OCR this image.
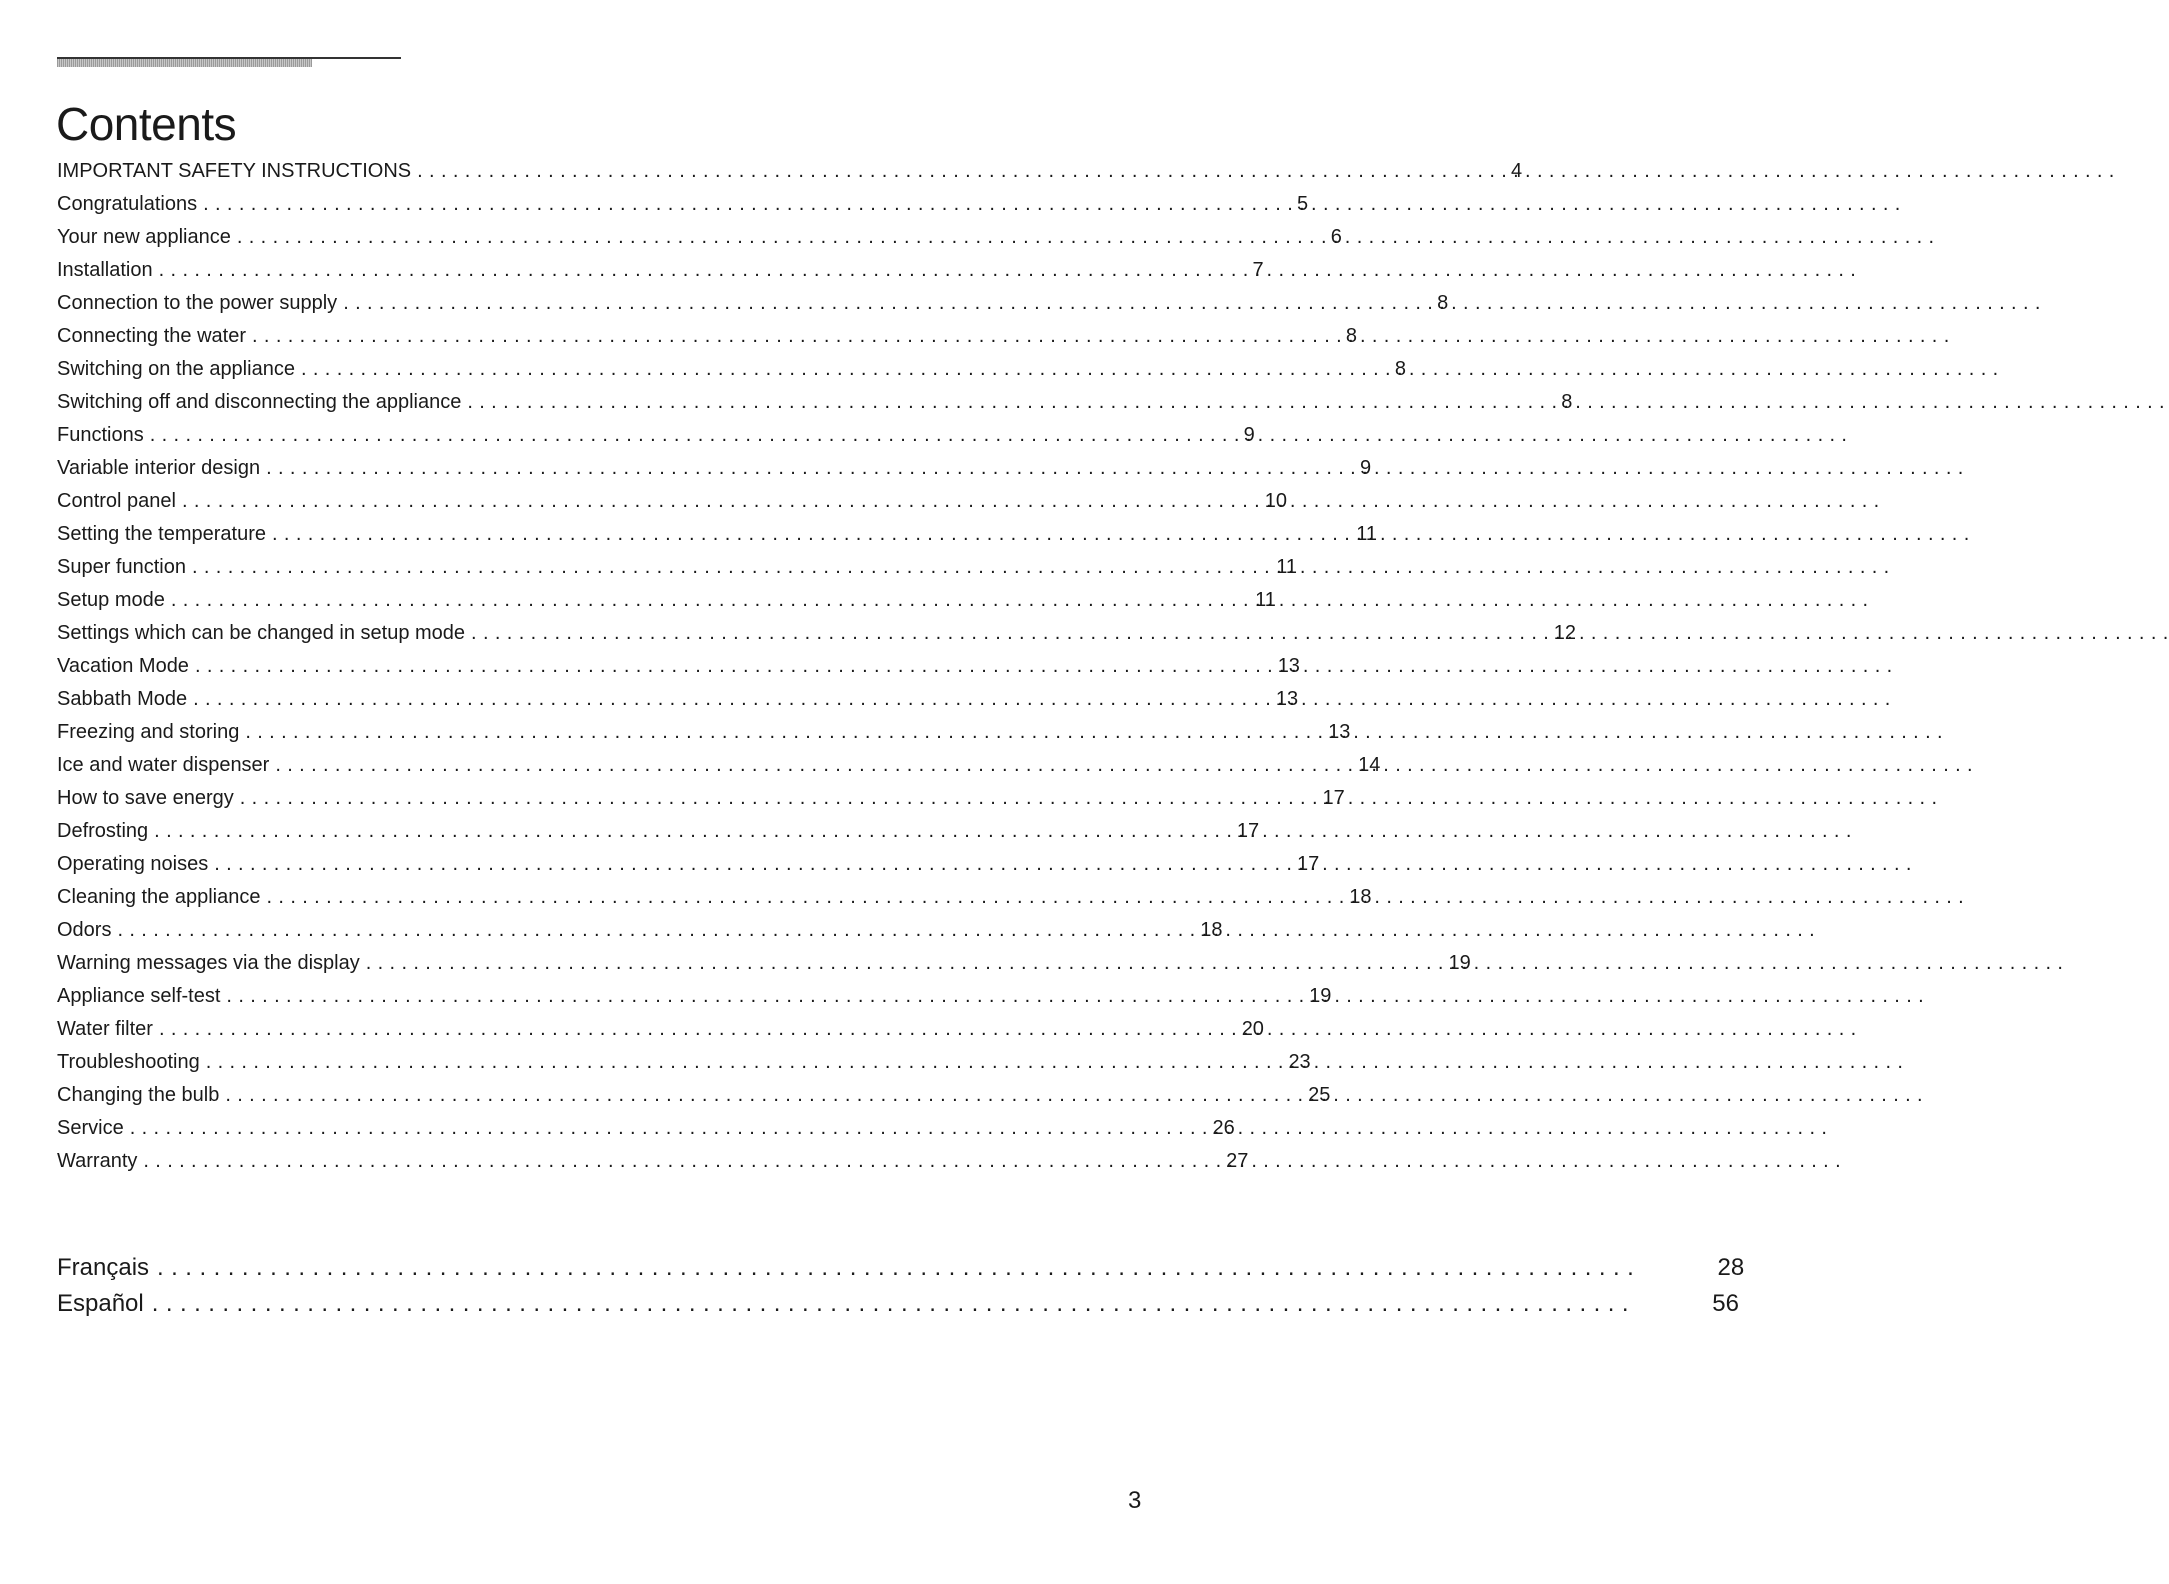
Contents
IMPORTANT SAFETY INSTRUCTIONS . . .	4
Congratulations . . .	5
Your new appliance . . .	6
Installation . . .	7
Connection to the power supply . . .	8
Connecting the water . . .	8
Switching on the appliance . . .	8
Switching off and disconnecting the appliance . . .	8
Functions . . .	9
Variable interior design . . .	9
Control panel . . .	10
Setting the temperature . . .	11
Super function . . .	11
Setup mode . . .	11
Settings which can be changed in setup mode . . .	12
Vacation Mode . . .	13
Sabbath Mode . . .	13
Freezing and storing . . .	13
Ice and water dispenser . . .	14
How to save energy . . .	17
Defrosting . . .	17
Operating noises . . .	17
Cleaning the appliance . . .	18
Odors . . .	18
Warning messages via the display . . .	19
Appliance self-test . . .	19
Water filter . . .	20
Troubleshooting . . .	23
Changing the bulb . . .	25
Service . . .	26
Warranty . . .	27
Français . . .	28
Español . . .	56
3
